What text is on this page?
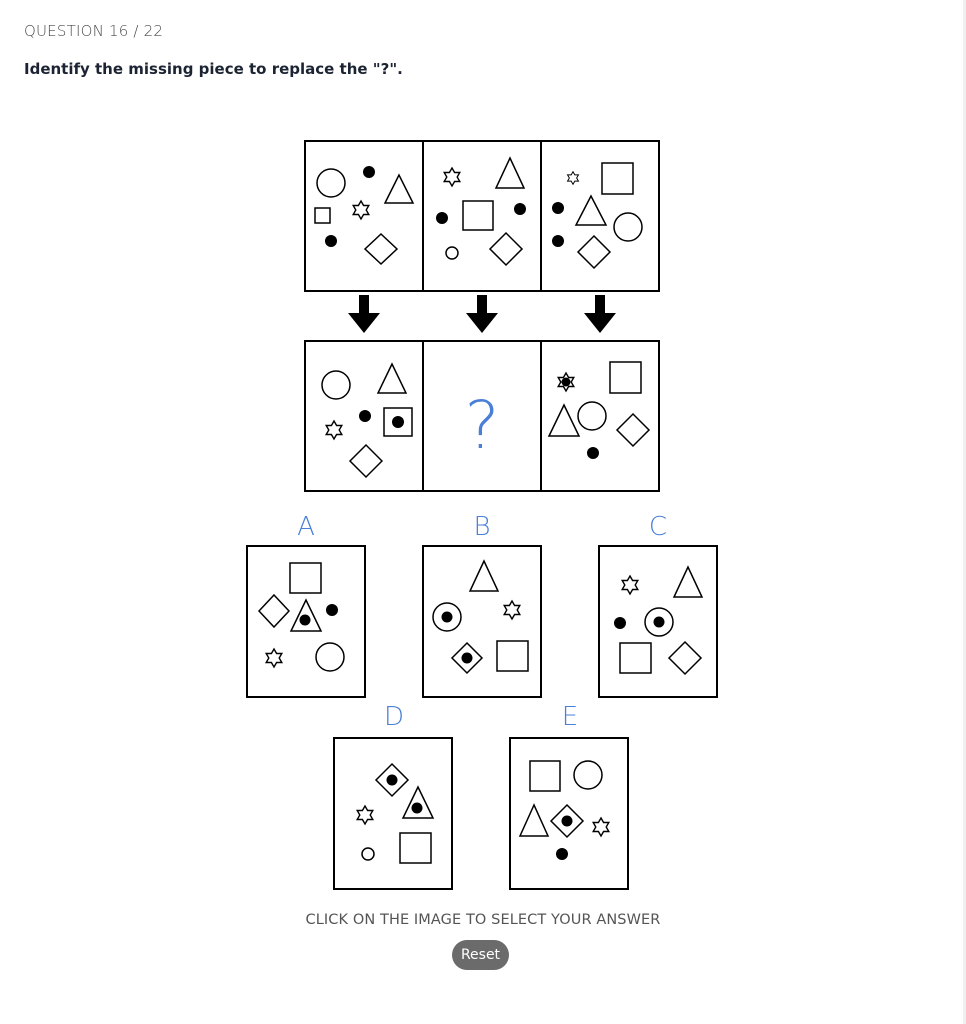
QUESTION 16 / 22
Identify the missing piece to replace the "?".
?
A	B	C
D	E
CLICK ON THE IMAGE TO SELECT YOUR ANSWER
Reset
